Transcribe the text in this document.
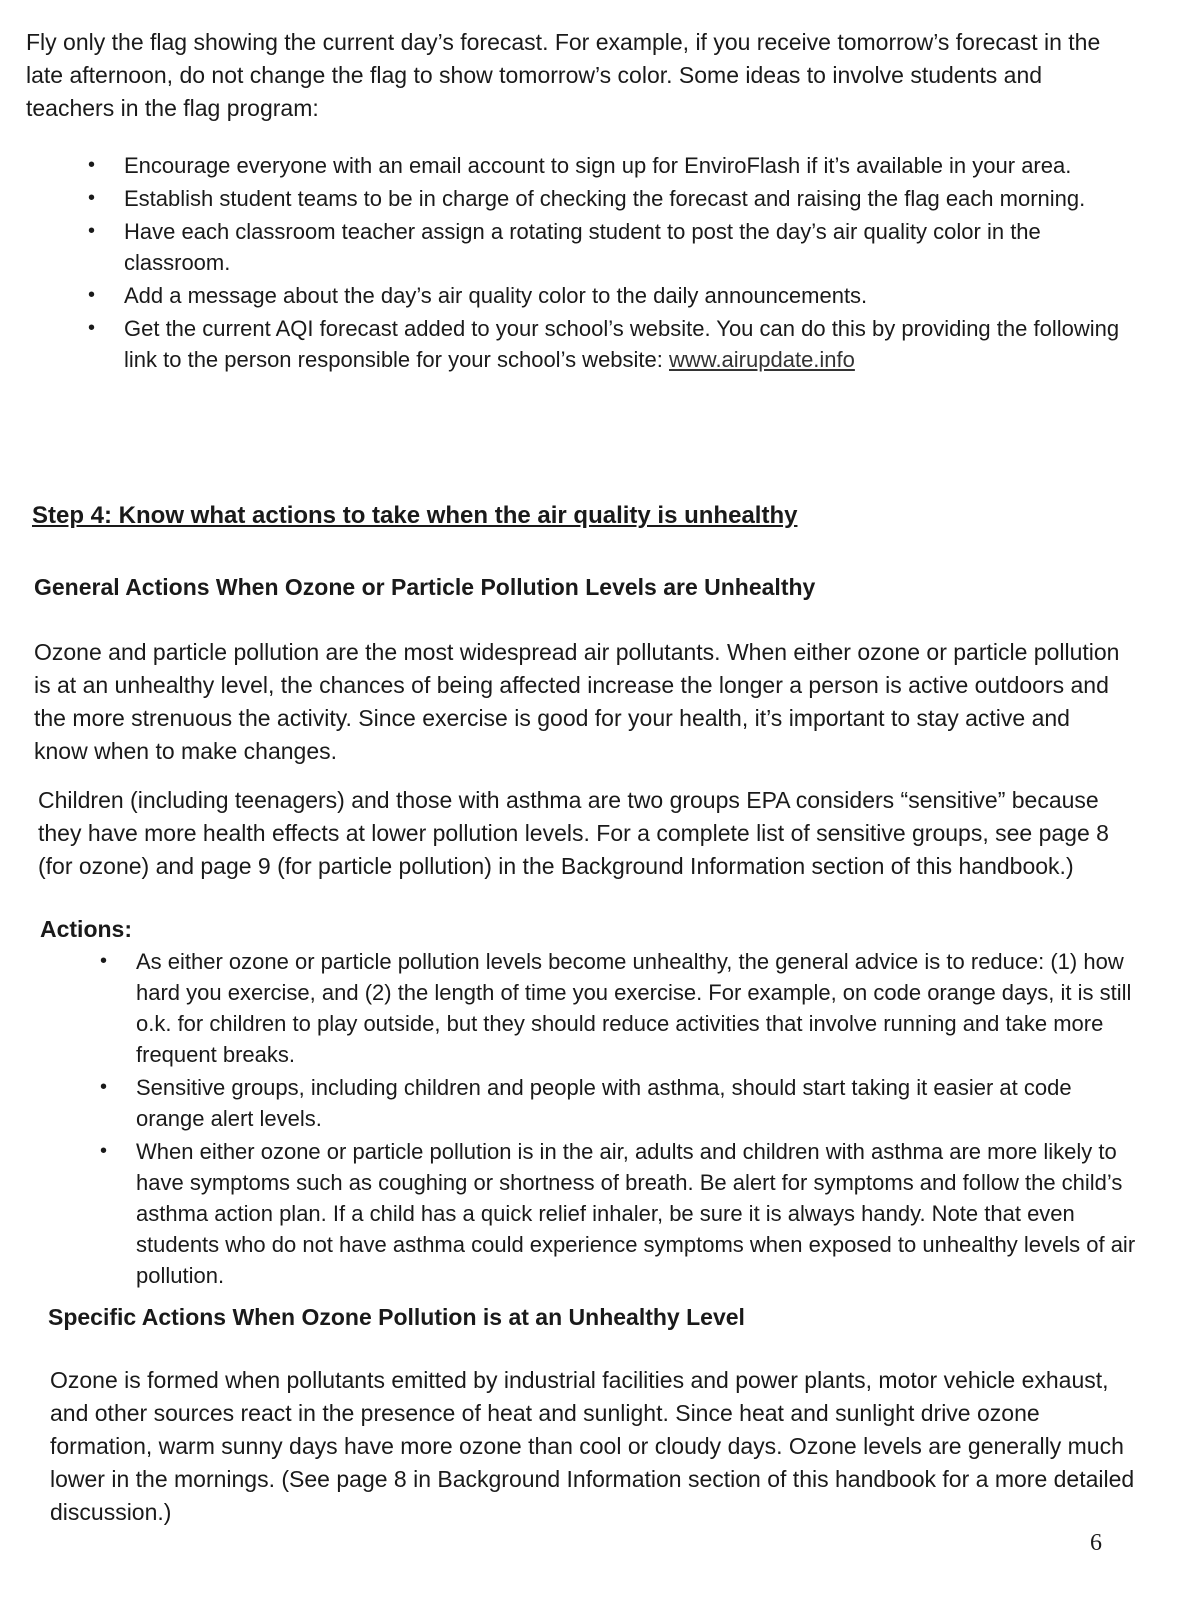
Fly only the flag showing the current day’s forecast. For example, if you receive tomorrow’s forecast in the late afternoon, do not change the flag to show tomorrow’s color. Some ideas to involve students and teachers in the flag program:

• Encourage everyone with an email account to sign up for EnviroFlash if it’s available in your area.
• Establish student teams to be in charge of checking the forecast and raising the flag each morning.
• Have each classroom teacher assign a rotating student to post the day’s air quality color in the classroom.
• Add a message about the day’s air quality color to the daily announcements.
• Get the current AQI forecast added to your school’s website. You can do this by providing the following link to the person responsible for your school’s website: www.airupdate.info
Step 4: Know what actions to take when the air quality is unhealthy
General Actions When Ozone or Particle Pollution Levels are Unhealthy

Ozone and particle pollution are the most widespread air pollutants. When either ozone or particle pollution is at an unhealthy level, the chances of being affected increase the longer a person is active outdoors and the more strenuous the activity. Since exercise is good for your health, it’s important to stay active and know when to make changes.

Children (including teenagers) and those with asthma are two groups EPA considers “sensitive” because they have more health effects at lower pollution levels. For a complete list of sensitive groups, see page 8 (for ozone) and page 9 (for particle pollution) in the Background Information section of this handbook.)

Actions:
• As either ozone or particle pollution levels become unhealthy, the general advice is to reduce: (1) how hard you exercise, and (2) the length of time you exercise. For example, on code orange days, it is still o.k. for children to play outside, but they should reduce activities that involve running and take more frequent breaks.
• Sensitive groups, including children and people with asthma, should start taking it easier at code orange alert levels.
• When either ozone or particle pollution is in the air, adults and children with asthma are more likely to have symptoms such as coughing or shortness of breath. Be alert for symptoms and follow the child’s asthma action plan. If a child has a quick relief inhaler, be sure it is always handy. Note that even students who do not have asthma could experience symptoms when exposed to unhealthy levels of air pollution.
Specific Actions When Ozone Pollution is at an Unhealthy Level

Ozone is formed when pollutants emitted by industrial facilities and power plants, motor vehicle exhaust, and other sources react in the presence of heat and sunlight. Since heat and sunlight drive ozone formation, warm sunny days have more ozone than cool or cloudy days. Ozone levels are generally much lower in the mornings. (See page 8 in Background Information section of this handbook for a more detailed discussion.)

6
